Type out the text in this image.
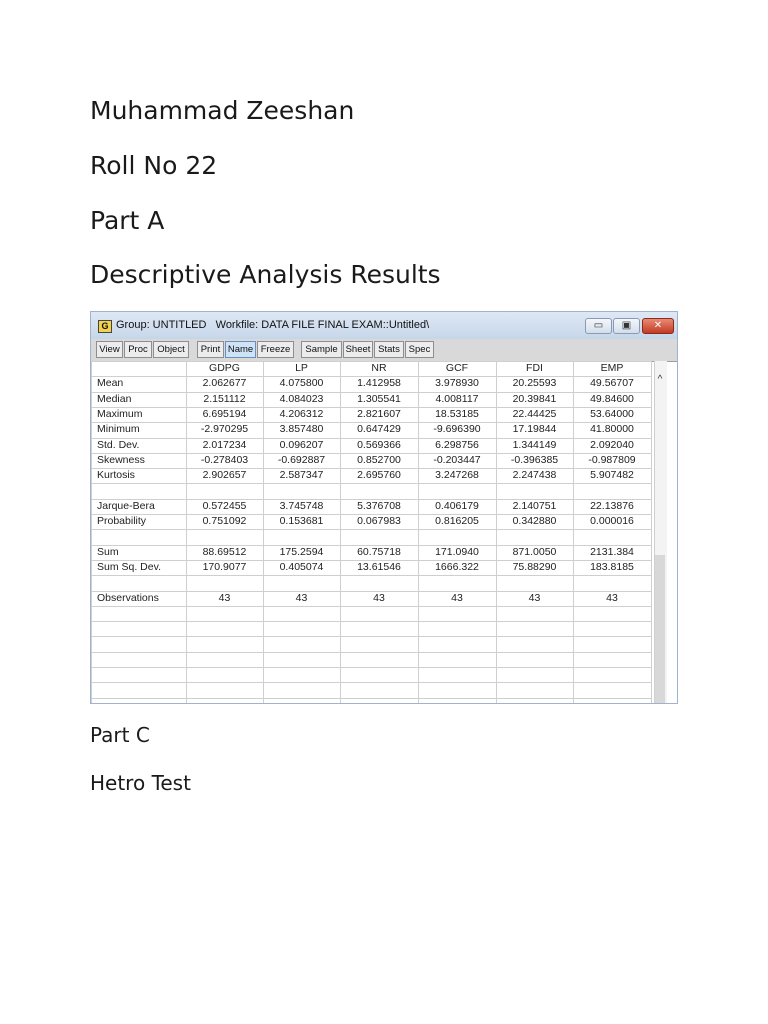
Muhammad Zeeshan
Roll No 22
Part A
Descriptive Analysis Results
G Group: UNTITLED   Workfile: DATA FILE FINAL EXAM::Untitled\	▭	▣	✕
View Proc	Object	Print Name Freeze	Sample Sheet Stats Spec
GDPG	LP	NR	GCF	FDI	EMP
Mean	2.062677	4.075800	1.412958	3.978930	20.25593	49.56707
Median	2.151112	4.084023	1.305541	4.008117	20.39841	49.84600
Maximum	6.695194	4.206312	2.821607	18.53185	22.44425	53.64000
Minimum	-2.970295	3.857480	0.647429	-9.696390	17.19844	41.80000
Std. Dev.	2.017234	0.096207	0.569366	6.298756	1.344149	2.092040
Skewness	-0.278403	-0.692887	0.852700	-0.203447	-0.396385	-0.987809
Kurtosis	2.902657	2.587347	2.695760	3.247268	2.247438	5.907482
Jarque-Bera	0.572455	3.745748	5.376708	0.406179	2.140751	22.13876
Probability	0.751092	0.153681	0.067983	0.816205	0.342880	0.000016
Sum	88.69512	175.2594	60.75718	171.0940	871.0050	2131.384
Sum Sq. Dev.	170.9077	0.405074	13.61546	1666.322	75.88290	183.8185
Observations	43	43	43	43	43	43
^
Part C
Hetro Test
